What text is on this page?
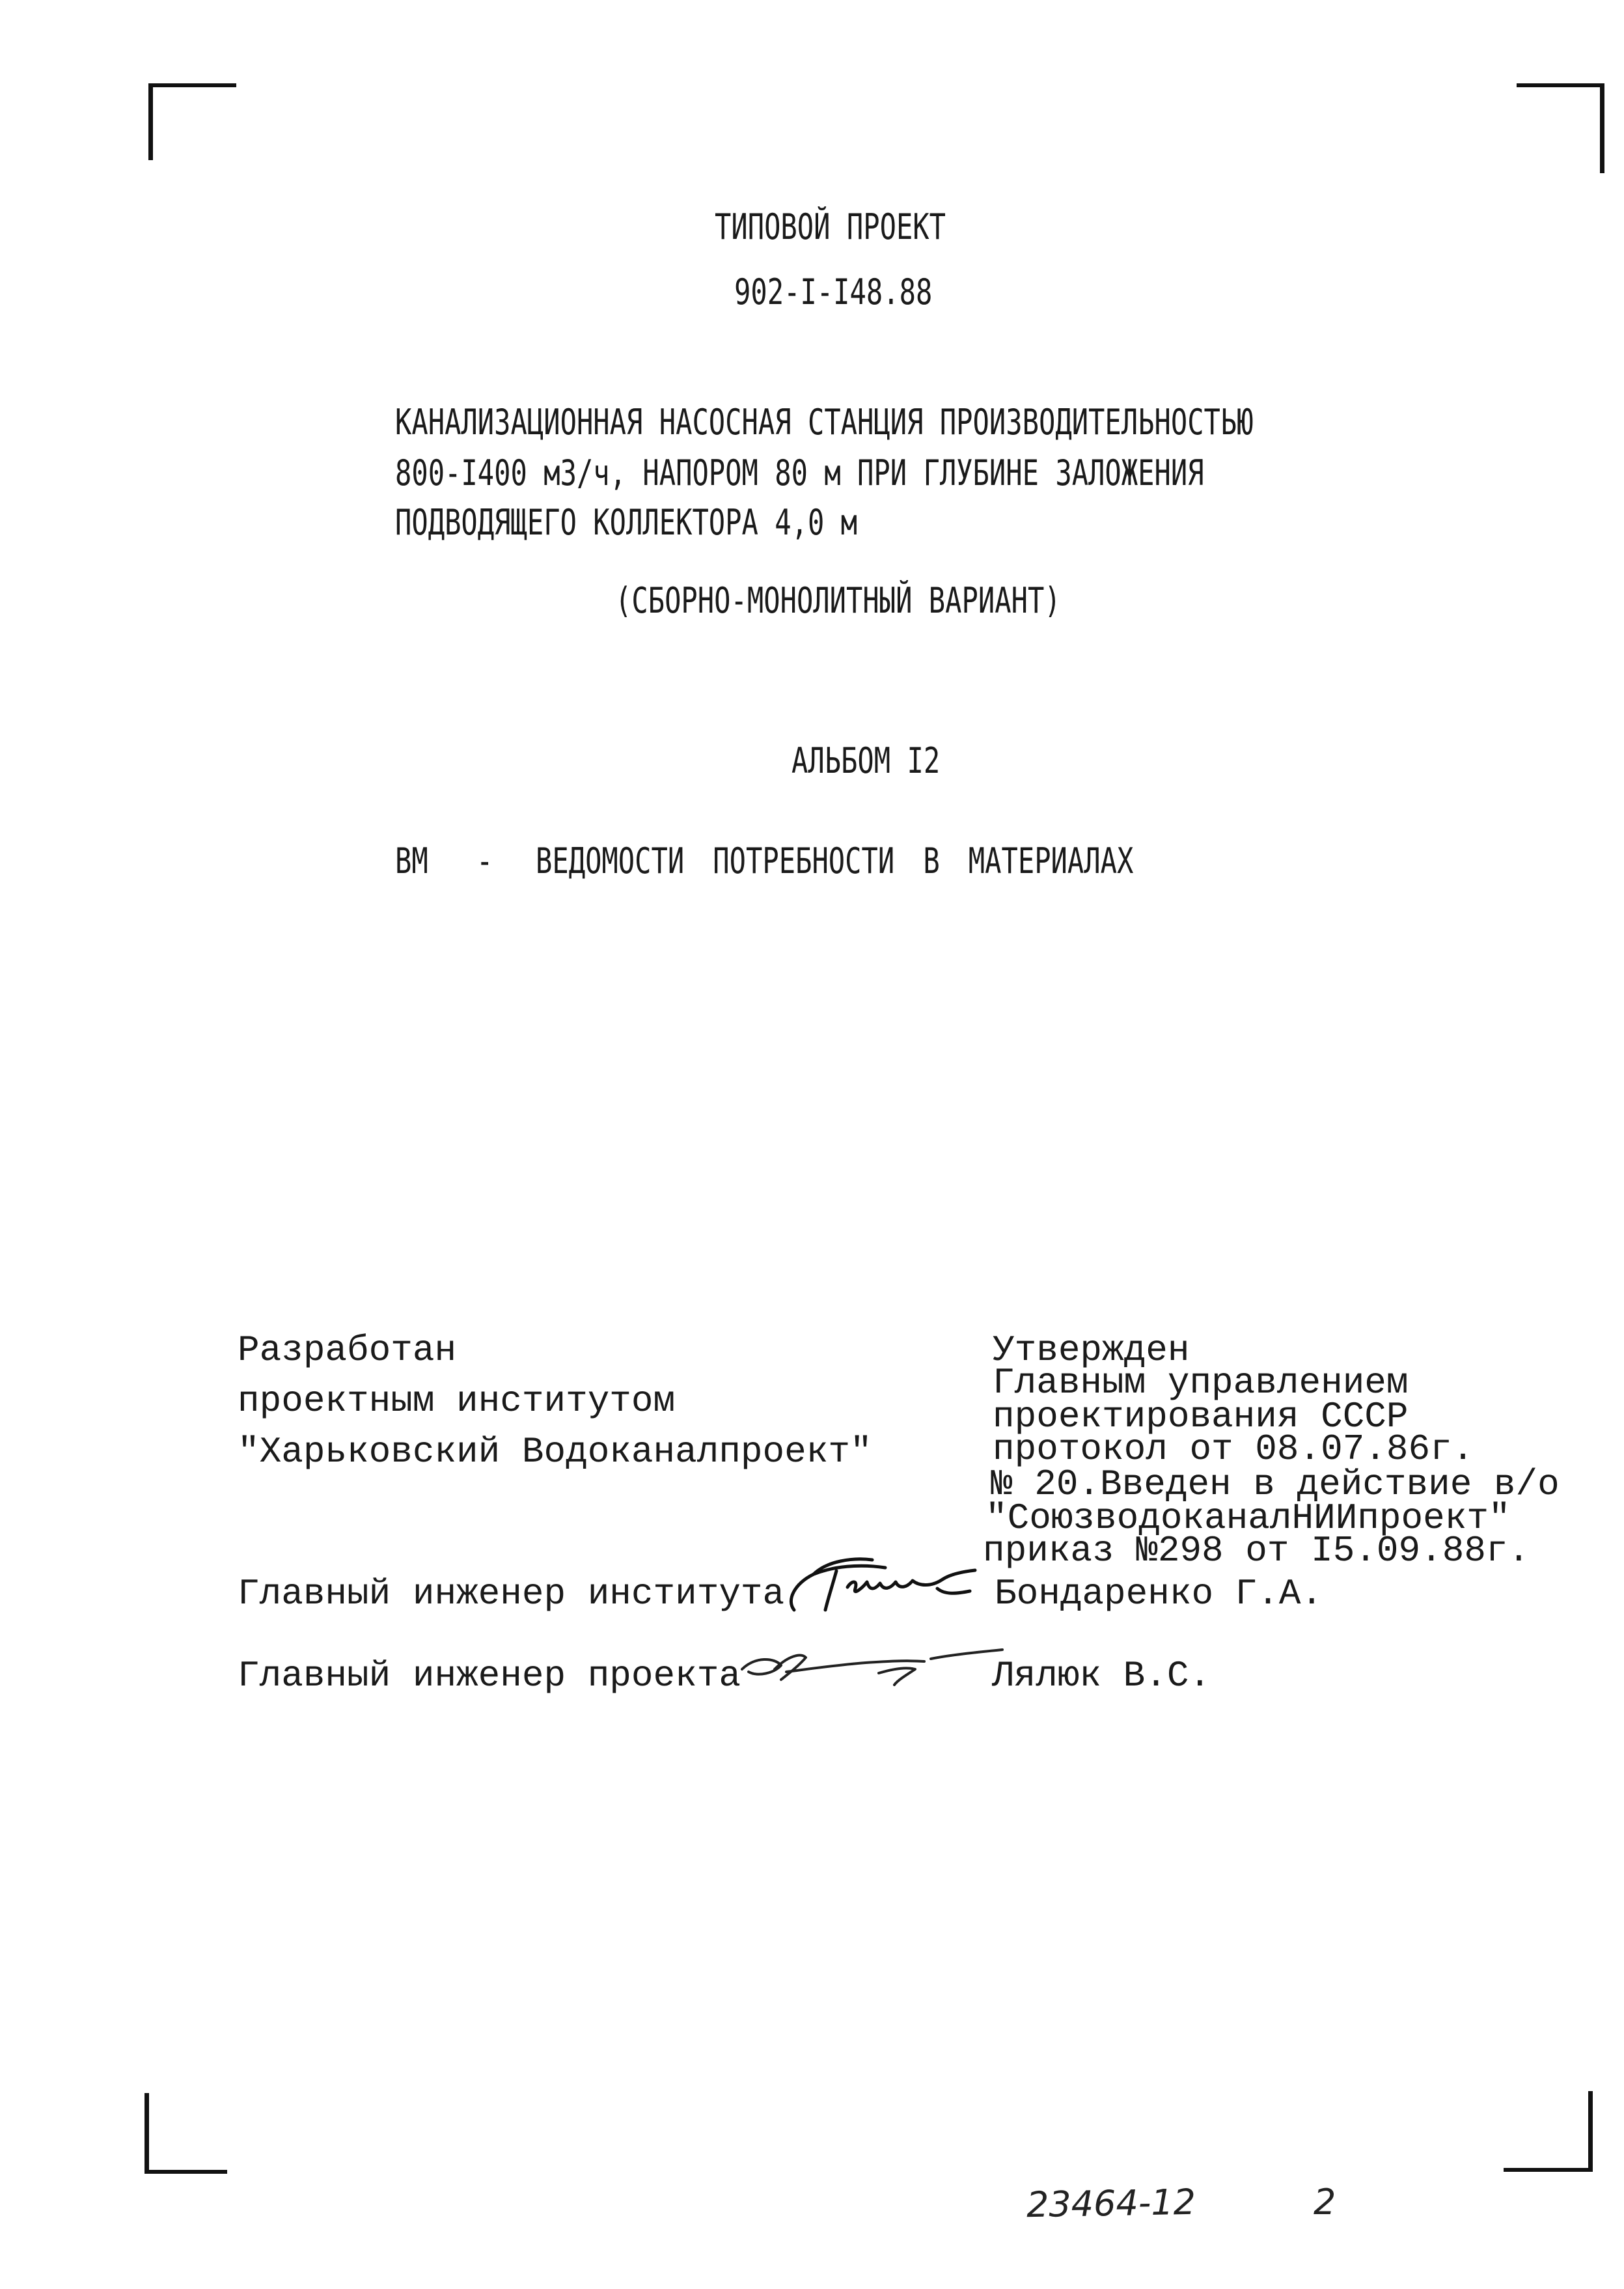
ТИПОВОЙ ПРОЕКТ
902-I-I48.88
КАНАЛИЗАЦИОННАЯ НАСОСНАЯ СТАНЦИЯ ПРОИЗВОДИТЕЛЬНОСТЬЮ
800-I400 м3/ч, НАПОРОМ 80 м ПРИ ГЛУБИНЕ ЗАЛОЖЕНИЯ
ПОДВОДЯЩЕГО КОЛЛЕКТОРА 4,0 м
(СБОРНО-МОНОЛИТНЫЙ ВАРИАНТ)
АЛЬБОМ I2
ВМ - ВЕДОМОСТИ ПОТРЕБНОСТИ В МАТЕРИАЛАХ
Разработан
проектным институтом
"Харьковский Водоканалпроект"
Утвержден
Главным управлением
проектирования СССР
протокол от 08.07.86г.
№ 20.Введен в действие в/о
"СоюзводоканалНИИпроект"
приказ №298 от I5.09.88г.
Главный инженер института	Бондаренко Г.А.
Главный инженер проекта	Лялюк В.С.
23464-12	2
